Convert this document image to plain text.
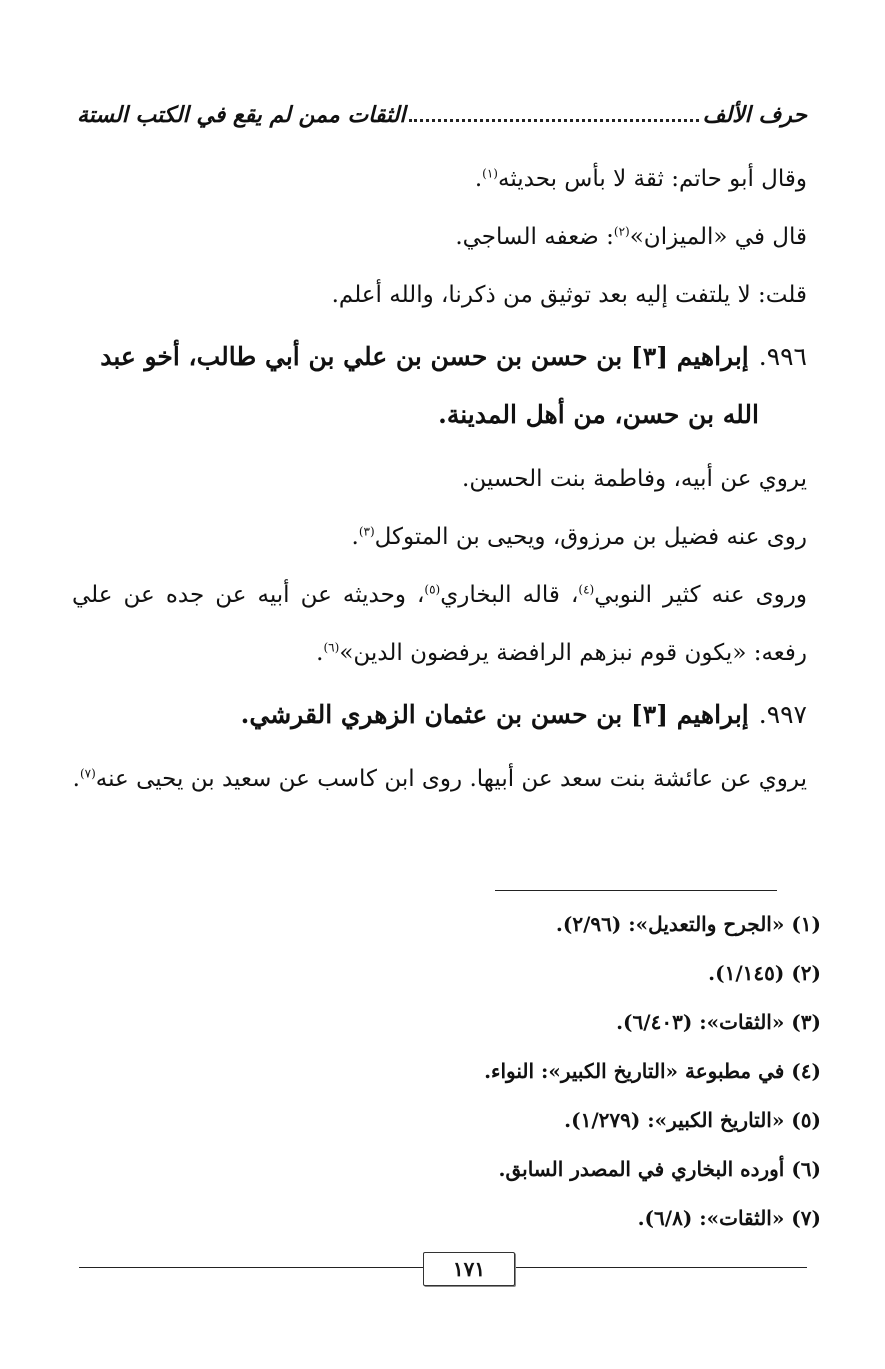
حرف الألف
الثقات ممن لم يقع في الكتب الستة

وقال أبو حاتم: ثقة لا بأس بحديثه$^{(١)}$.

قال في «الميزان»$^{(٢)}$: ضعفه الساجي.

قلت: لا يلتفت إليه بعد توثيق من ذكرنا، والله أعلم.

٩٩٦.إبراهيم [٣] بن حسن بن حسن بن علي بن أبي طالب، أخو عبد
الله بن حسن، من أهل المدينة.

يروي عن أبيه، وفاطمة بنت الحسين.

روى عنه فضيل بن مرزوق، ويحيى بن المتوكل$^{(٣)}$.

وروى عنه كثير النوبي$^{(٤)}$، قاله البخاري$^{(٥)}$، وحديثه عن أبيه عن جده عن علي رفعه: «يكون قوم نبزهم الرافضة يرفضون الدين»$^{(٦)}$.

٩٩٧.إبراهيم [٣] بن حسن بن عثمان الزهري القرشي.

يروي عن عائشة بنت سعد عن أبيها. روى ابن كاسب عن سعيد بن يحيى عنه$^{(٧)}$.

(١) «الجرح والتعديل»: (٢/٩٦).

(٢) (١/١٤٥).

(٣) «الثقات»: (٦/٤٠٣).

(٤) في مطبوعة «التاريخ الكبير»: النواء.

(٥) «التاريخ الكبير»: (١/٢٧٩).

(٦) أورده البخاري في المصدر السابق.

(٧) «الثقات»: (٦/٨).

١٧١
